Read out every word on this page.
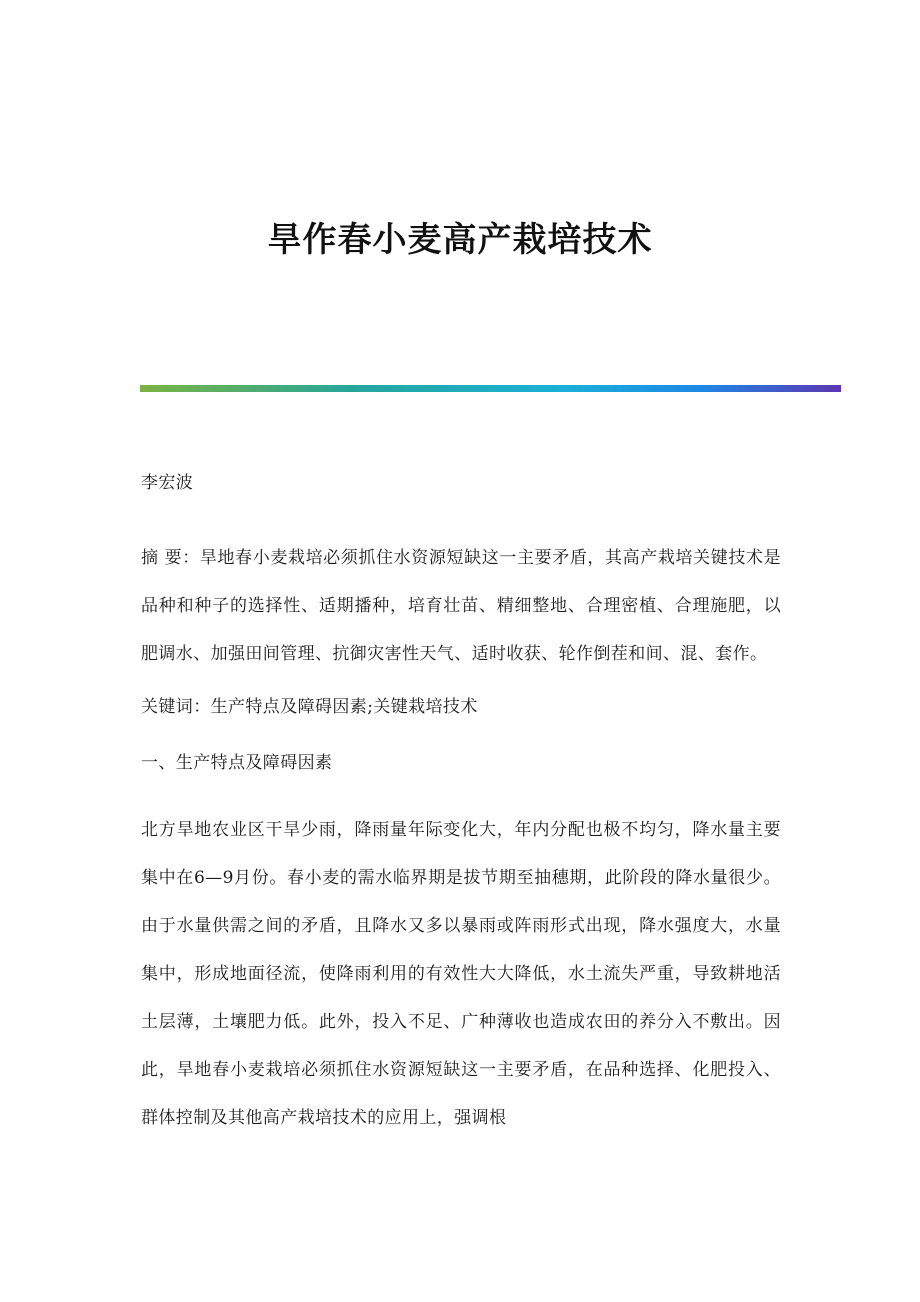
旱作春小麦高产栽培技术

李宏波

摘 要：旱地春小麦栽培必须抓住水资源短缺这一主要矛盾，其高产栽培关键技术是品种和种子的选择性、适期播种，培育壮苗、精细整地、合理密植、合理施肥，以肥调水、加强田间管理、抗御灾害性天气、适时收获、轮作倒茬和间、混、套作。

关键词：生产特点及障碍因素;关键栽培技术

一、生产特点及障碍因素

北方旱地农业区干旱少雨，降雨量年际变化大，年内分配也极不均匀，降水量主要集中在6—9月份。春小麦的需水临界期是拔节期至抽穗期，此阶段的降水量很少。由于水量供需之间的矛盾，且降水又多以暴雨或阵雨形式出现，降水强度大，水量集中，形成地面径流，使降雨利用的有效性大大降低，水土流失严重，导致耕地活土层薄，土壤肥力低。此外，投入不足、广种薄收也造成农田的养分入不敷出。因此，旱地春小麦栽培必须抓住水资源短缺这一主要矛盾，在品种选择、化肥投入、群体控制及其他高产栽培技术的应用上，强调根
